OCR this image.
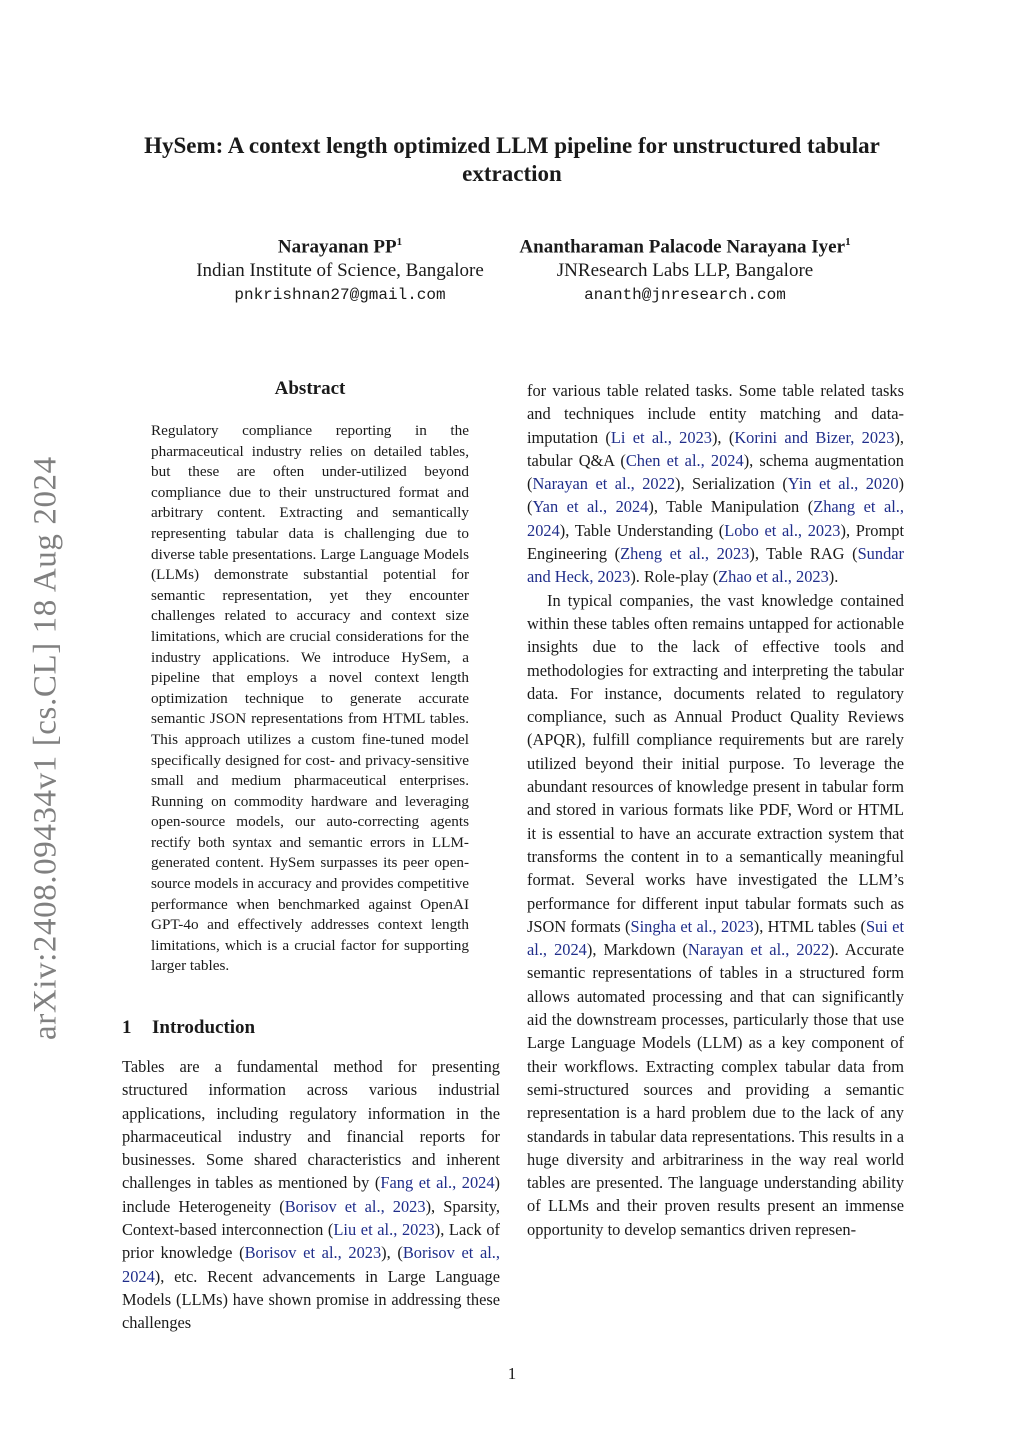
arXiv:2408.09434v1 [cs.CL] 18 Aug 2024
HySem: A context length optimized LLM pipeline for unstructured tabular extraction
Narayanan $PP^1$
Indian Institute of Science, Bangalore
pnkrishnan27@gmail.com
Anantharaman Palacode Narayana Iyer$^1$
JNResearch Labs LLP, Bangalore
ananth@jnresearch.com
Abstract
Regulatory compliance reporting in the pharmaceutical industry relies on detailed tables, but these are often under-utilized beyond compliance due to their unstructured format and arbitrary content. Extracting and semantically representing tabular data is challenging due to diverse table presentations. Large Language Models (LLMs) demonstrate substantial potential for semantic representation, yet they encounter challenges related to accuracy and context size limitations, which are crucial considerations for the industry applications. We introduce HySem, a pipeline that employs a novel context length optimization technique to generate accurate semantic JSON representations from HTML tables. This approach utilizes a custom fine-tuned model specifically designed for cost- and privacy-sensitive small and medium pharmaceutical enterprises. Running on commodity hardware and leveraging open-source models, our auto-correcting agents rectify both syntax and semantic errors in LLM-generated content. HySem surpasses its peer open-source models in accuracy and provides competitive performance when benchmarked against OpenAI GPT-4o and effectively addresses context length limitations, which is a crucial factor for supporting larger tables.
1 Introduction

Tables are a fundamental method for presenting structured information across various industrial applications, including regulatory information in the pharmaceutical industry and financial reports for businesses. Some shared characteristics and inherent challenges in tables as mentioned by (Fang et al., 2024) include Heterogeneity (Borisov et al., 2023), Sparsity, Context-based interconnection (Liu et al., 2023), Lack of prior knowledge (Borisov et al., 2023), (Borisov et al., 2024), etc. Recent advancements in Large Language Models (LLMs) have shown promise in addressing these challenges

for various table related tasks. Some table related tasks and techniques include entity matching and data-imputation (Li et al., 2023), (Korini and Bizer, 2023), tabular Q&A (Chen et al., 2024), schema augmentation (Narayan et al., 2022), Serialization (Yin et al., 2020) (Yan et al., 2024), Table Manipulation (Zhang et al., 2024), Table Understanding (Lobo et al., 2023), Prompt Engineering (Zheng et al., 2023), Table RAG (Sundar and Heck, 2023). Role-play (Zhao et al., 2023).

In typical companies, the vast knowledge contained within these tables often remains untapped for actionable insights due to the lack of effective tools and methodologies for extracting and interpreting the tabular data. For instance, documents related to regulatory compliance, such as Annual Product Quality Reviews (APQR), fulfill compliance requirements but are rarely utilized beyond their initial purpose. To leverage the abundant resources of knowledge present in tabular form and stored in various formats like PDF, Word or HTML it is essential to have an accurate extraction system that transforms the content in to a semantically meaningful format. Several works have investigated the LLM’s performance for different input tabular formats such as JSON formats (Singha et al., 2023), HTML tables (Sui et al., 2024), Markdown (Narayan et al., 2022). Accurate semantic representations of tables in a structured form allows automated processing and that can significantly aid the downstream processes, particularly those that use Large Language Models (LLM) as a key component of their workflows. Extracting complex tabular data from semi-structured sources and providing a semantic representation is a hard problem due to the lack of any standards in tabular data representations. This results in a huge diversity and arbitrariness in the way real world tables are presented. The language understanding ability of LLMs and their proven results present an immense opportunity to develop semantics driven represen-

1
